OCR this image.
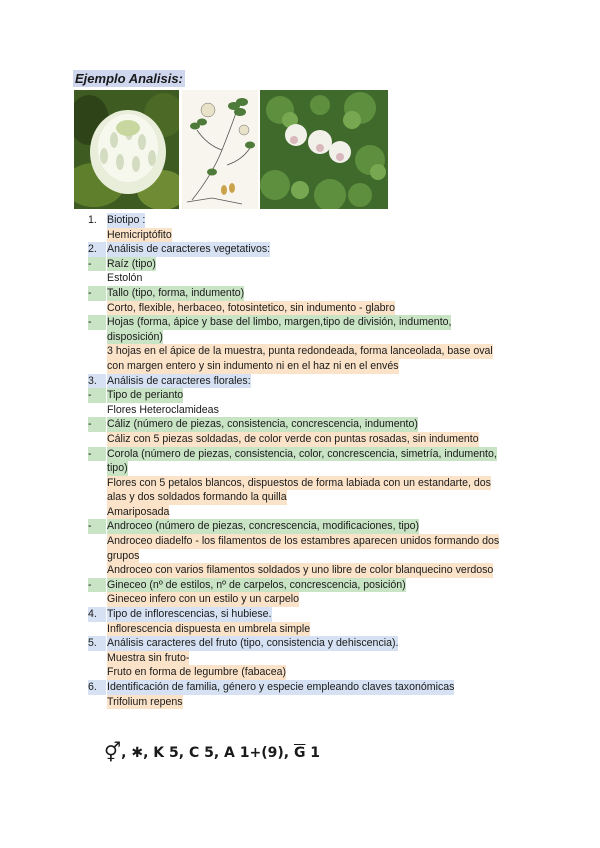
Ejemplo Analisis:
1. Biotipo :
Hemicriptófito
2. Análisis de caracteres vegetativos:
-	Raíz (tipo)
Estolón
-	Tallo (tipo, forma, indumento)
Corto, flexible, herbaceo, fotosintetico, sin indumento - glabro
-	Hojas (forma, ápice y base del limbo, margen,tipo de división, indumento,
disposición)
3 hojas en el ápice de la muestra, punta redondeada, forma lanceolada, base oval
con margen entero y sin indumento ni en el haz ni en el envés
3. Análisis de caracteres florales:
-	Tipo de perianto
Flores Heteroclamideas
-	Cáliz (número de piezas, consistencia, concrescencia, indumento)
Cáliz con 5 piezas soldadas, de color verde con puntas rosadas, sin indumento
-	Corola (número de piezas, consistencia, color, concrescencia, simetría, indumento,
tipo)
Flores con 5 petalos blancos, dispuestos de forma labiada con un estandarte, dos
alas y dos soldados formando la quilla
Amariposada
-	Androceo (número de piezas, concrescencia, modificaciones, tipo)
Androceo diadelfo - los filamentos de los estambres aparecen unidos formando dos
grupos
Androceo con varios filamentos soldados y uno libre de color blanquecino verdoso
-	Gineceo (nº de estilos, nº de carpelos, concrescencia, posición)
Gineceo infero con un estilo y un carpelo
4. Tipo de inflorescencias, si hubiese.
Inflorescencia dispuesta en umbrela simple
5. Análisis caracteres del fruto (tipo, consistencia y dehiscencia).
Muestra sin fruto-
Fruto en forma de legumbre (fabacea)
6. Identificación de familia, género y especie empleando claves taxonómicas
Trifolium repens
⚥, ✱, K 5, C 5, A 1+(9), $\overline{G}$ 1
